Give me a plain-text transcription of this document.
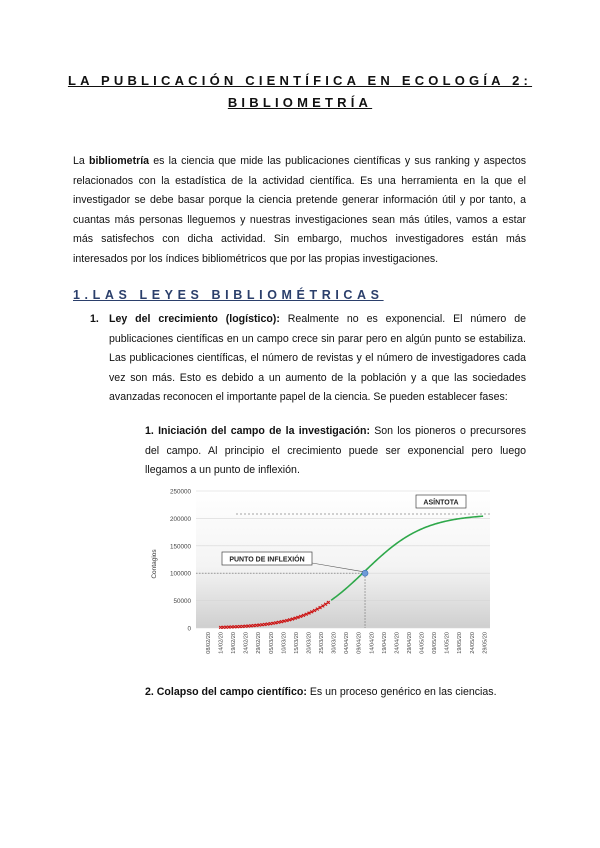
LA PUBLICACIÓN CIENTÍFICA EN ECOLOGÍA 2:
BIBLIOMETRÍA
La bibliometría es la ciencia que mide las publicaciones científicas y sus ranking y aspectos relacionados con la estadística de la actividad científica. Es una herramienta en la que el investigador se debe basar porque la ciencia pretende generar información útil y por tanto, a cuantas más personas lleguemos y nuestras investigaciones sean más útiles, vamos a estar más satisfechos con dicha actividad. Sin embargo, muchos investigadores están más interesados por los índices bibliométricos que por las propias investigaciones.
1.LAS LEYES BIBLIOMÉTRICAS
1. Ley del crecimiento (logístico): Realmente no es exponencial. El número de publicaciones científicas en un campo crece sin parar pero en algún punto se estabiliza. Las publicaciones científicas, el número de revistas y el número de investigadores cada vez son más. Esto es debido a un aumento de la población y a que las sociedades avanzadas reconocen el importante papel de la ciencia. Se pueden establecer fases:
1. Iniciación del campo de la investigación: Son los pioneros o precursores del campo. Al principio el crecimiento puede ser exponencial pero luego llegamos a un punto de inflexión.
250000
200000
150000
100000
50000
0
08/02/20 14/02/20 19/02/20 24/02/20 29/02/20 05/03/20 10/03/20 15/03/20 20/03/20 25/03/20 30/03/20 04/04/20 09/04/20 14/04/20 19/04/20 24/04/20 29/04/20 04/05/20 09/05/20 14/05/20 19/05/20 24/05/20 29/05/20
Contagios	PUNTO DE INFLEXIÓN
ASÍNTOTA
2. Colapso del campo científico: Es un proceso genérico en las ciencias.
